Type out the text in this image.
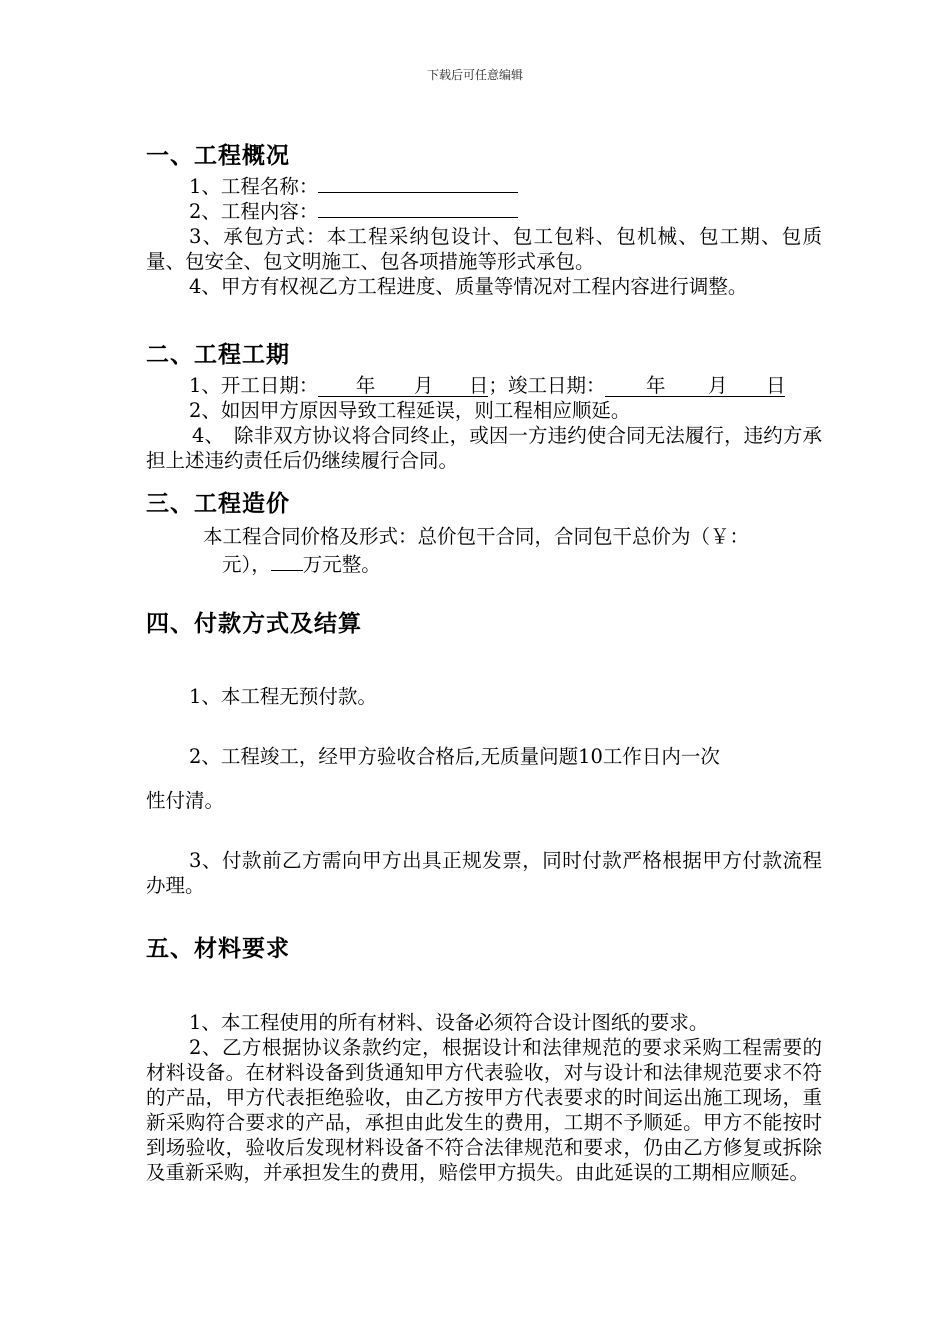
下载后可任意编辑
一、工程概况
1、工程名称：
2、工程内容：
3、承包方式：本工程采纳包设计、包工包料、包机械、包工期、包质量、包安全、包文明施工、包各项措施等形式承包。
4、甲方有权视乙方工程进度、质量等情况对工程内容进行调整。
二、工程工期
1、开工日期： 年 月 日；竣工日期： 年 月 日
2、如因甲方原因导致工程延误，则工程相应顺延。
4、　除非双方协议将合同终止，或因一方违约使合同无法履行，违约方承担上述违约责任后仍继续履行合同。
三、工程造价
本工程合同价格及形式：总价包干合同，合同包干总价为（￥：
元）， 万元整。
四、付款方式及结算
1、本工程无预付款。
2、工程竣工，经甲方验收合格后,无质量问题10工作日内一次
性付清。
3、付款前乙方需向甲方出具正规发票，同时付款严格根据甲方付款流程办理。
五、材料要求
1、本工程使用的所有材料、设备必须符合设计图纸的要求。
2、乙方根据协议条款约定，根据设计和法律规范的要求采购工程需要的材料设备。在材料设备到货通知甲方代表验收，对与设计和法律规范要求不符的产品，甲方代表拒绝验收，由乙方按甲方代表要求的时间运出施工现场，重新采购符合要求的产品，承担由此发生的费用，工期不予顺延。甲方不能按时到场验收，验收后发现材料设备不符合法律规范和要求，仍由乙方修复或拆除及重新采购，并承担发生的费用，赔偿甲方损失。由此延误的工期相应顺延。
